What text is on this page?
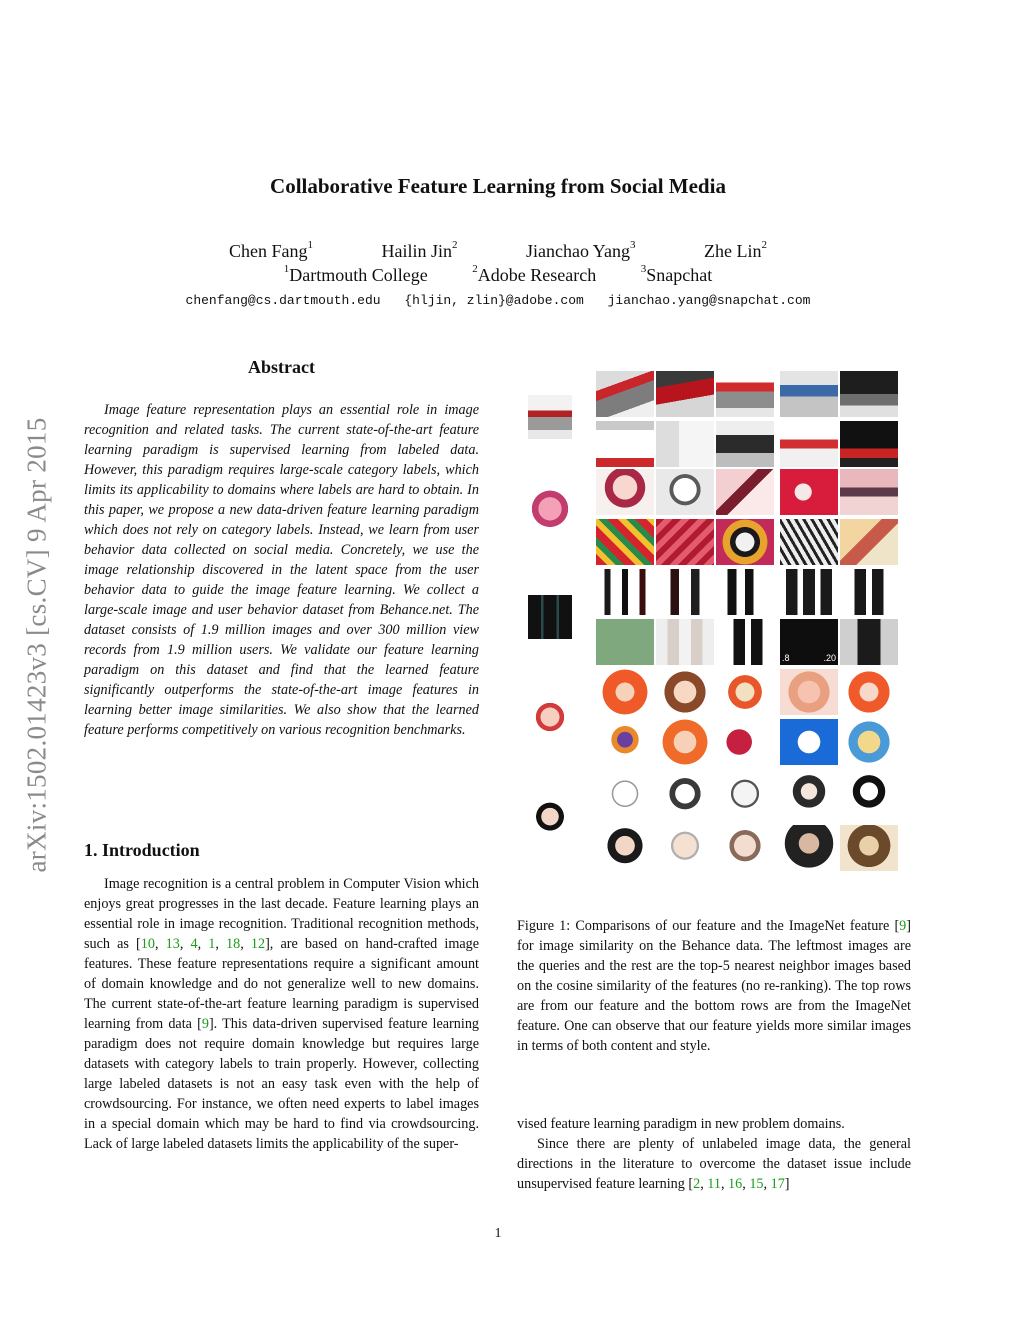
arXiv:1502.01423v3 [cs.CV] 9 Apr 2015
Collaborative Feature Learning from Social Media
Chen Fang$^1$	Hailin Jin$^2$	Jianchao Yang$^3$	Zhe Lin$^2$
$^1$Dartmouth College	$^2$Adobe Research	$^3$Snapchat
chenfang@cs.dartmouth.edu {hljin, zlin}@adobe.com jianchao.yang@snapchat.com
Abstract

Image feature representation plays an essential role in image recognition and related tasks. The current state-of-the-art feature learning paradigm is supervised learning from labeled data. However, this paradigm requires large-scale category labels, which limits its applicability to domains where labels are hard to obtain. In this paper, we propose a new data-driven feature learning paradigm which does not rely on category labels. Instead, we learn from user behavior data collected on social media. Concretely, we use the image relationship discovered in the latent space from the user behavior data to guide the image feature learning. We collect a large-scale image and user behavior dataset from Behance.net. The dataset consists of 1.9 million images and over 300 million view records from 1.9 million users. We validate our feature learning paradigm on this dataset and find that the learned feature significantly outperforms the state-of-the-art image features in learning better image similarities. We also show that the learned feature performs competitively on various recognition benchmarks.

1. Introduction

Image recognition is a central problem in Computer Vision which enjoys great progresses in the last decade. Feature learning plays an essential role in image recognition. Traditional recognition methods, such as [10, 13, 4, 1, 18, 12], are based on hand-crafted image features. These feature representations require a significant amount of domain knowledge and do not generalize well to new domains. The current state-of-the-art feature learning paradigm is supervised learning from data [9]. This data-driven supervised feature learning paradigm does not require domain knowledge but requires large datasets with category labels to train properly. However, collecting large labeled datasets is not an easy task even with the help of crowdsourcing. For instance, we often need experts to label images in a special domain which may be hard to find via crowdsourcing. Lack of large labeled datasets limits the applicability of the super-

.8	.20

Figure 1: Comparisons of our feature and the ImageNet feature [9] for image similarity on the Behance data. The leftmost images are the queries and the rest are the top-5 nearest neighbor images based on the cosine similarity of the features (no re-ranking). The top rows are from our feature and the bottom rows are from the ImageNet feature. One can observe that our feature yields more similar images in terms of both content and style.

vised feature learning paradigm in new problem domains.

Since there are plenty of unlabeled image data, the general directions in the literature to overcome the dataset issue include unsupervised feature learning [2, 11, 16, 15, 17]

1
